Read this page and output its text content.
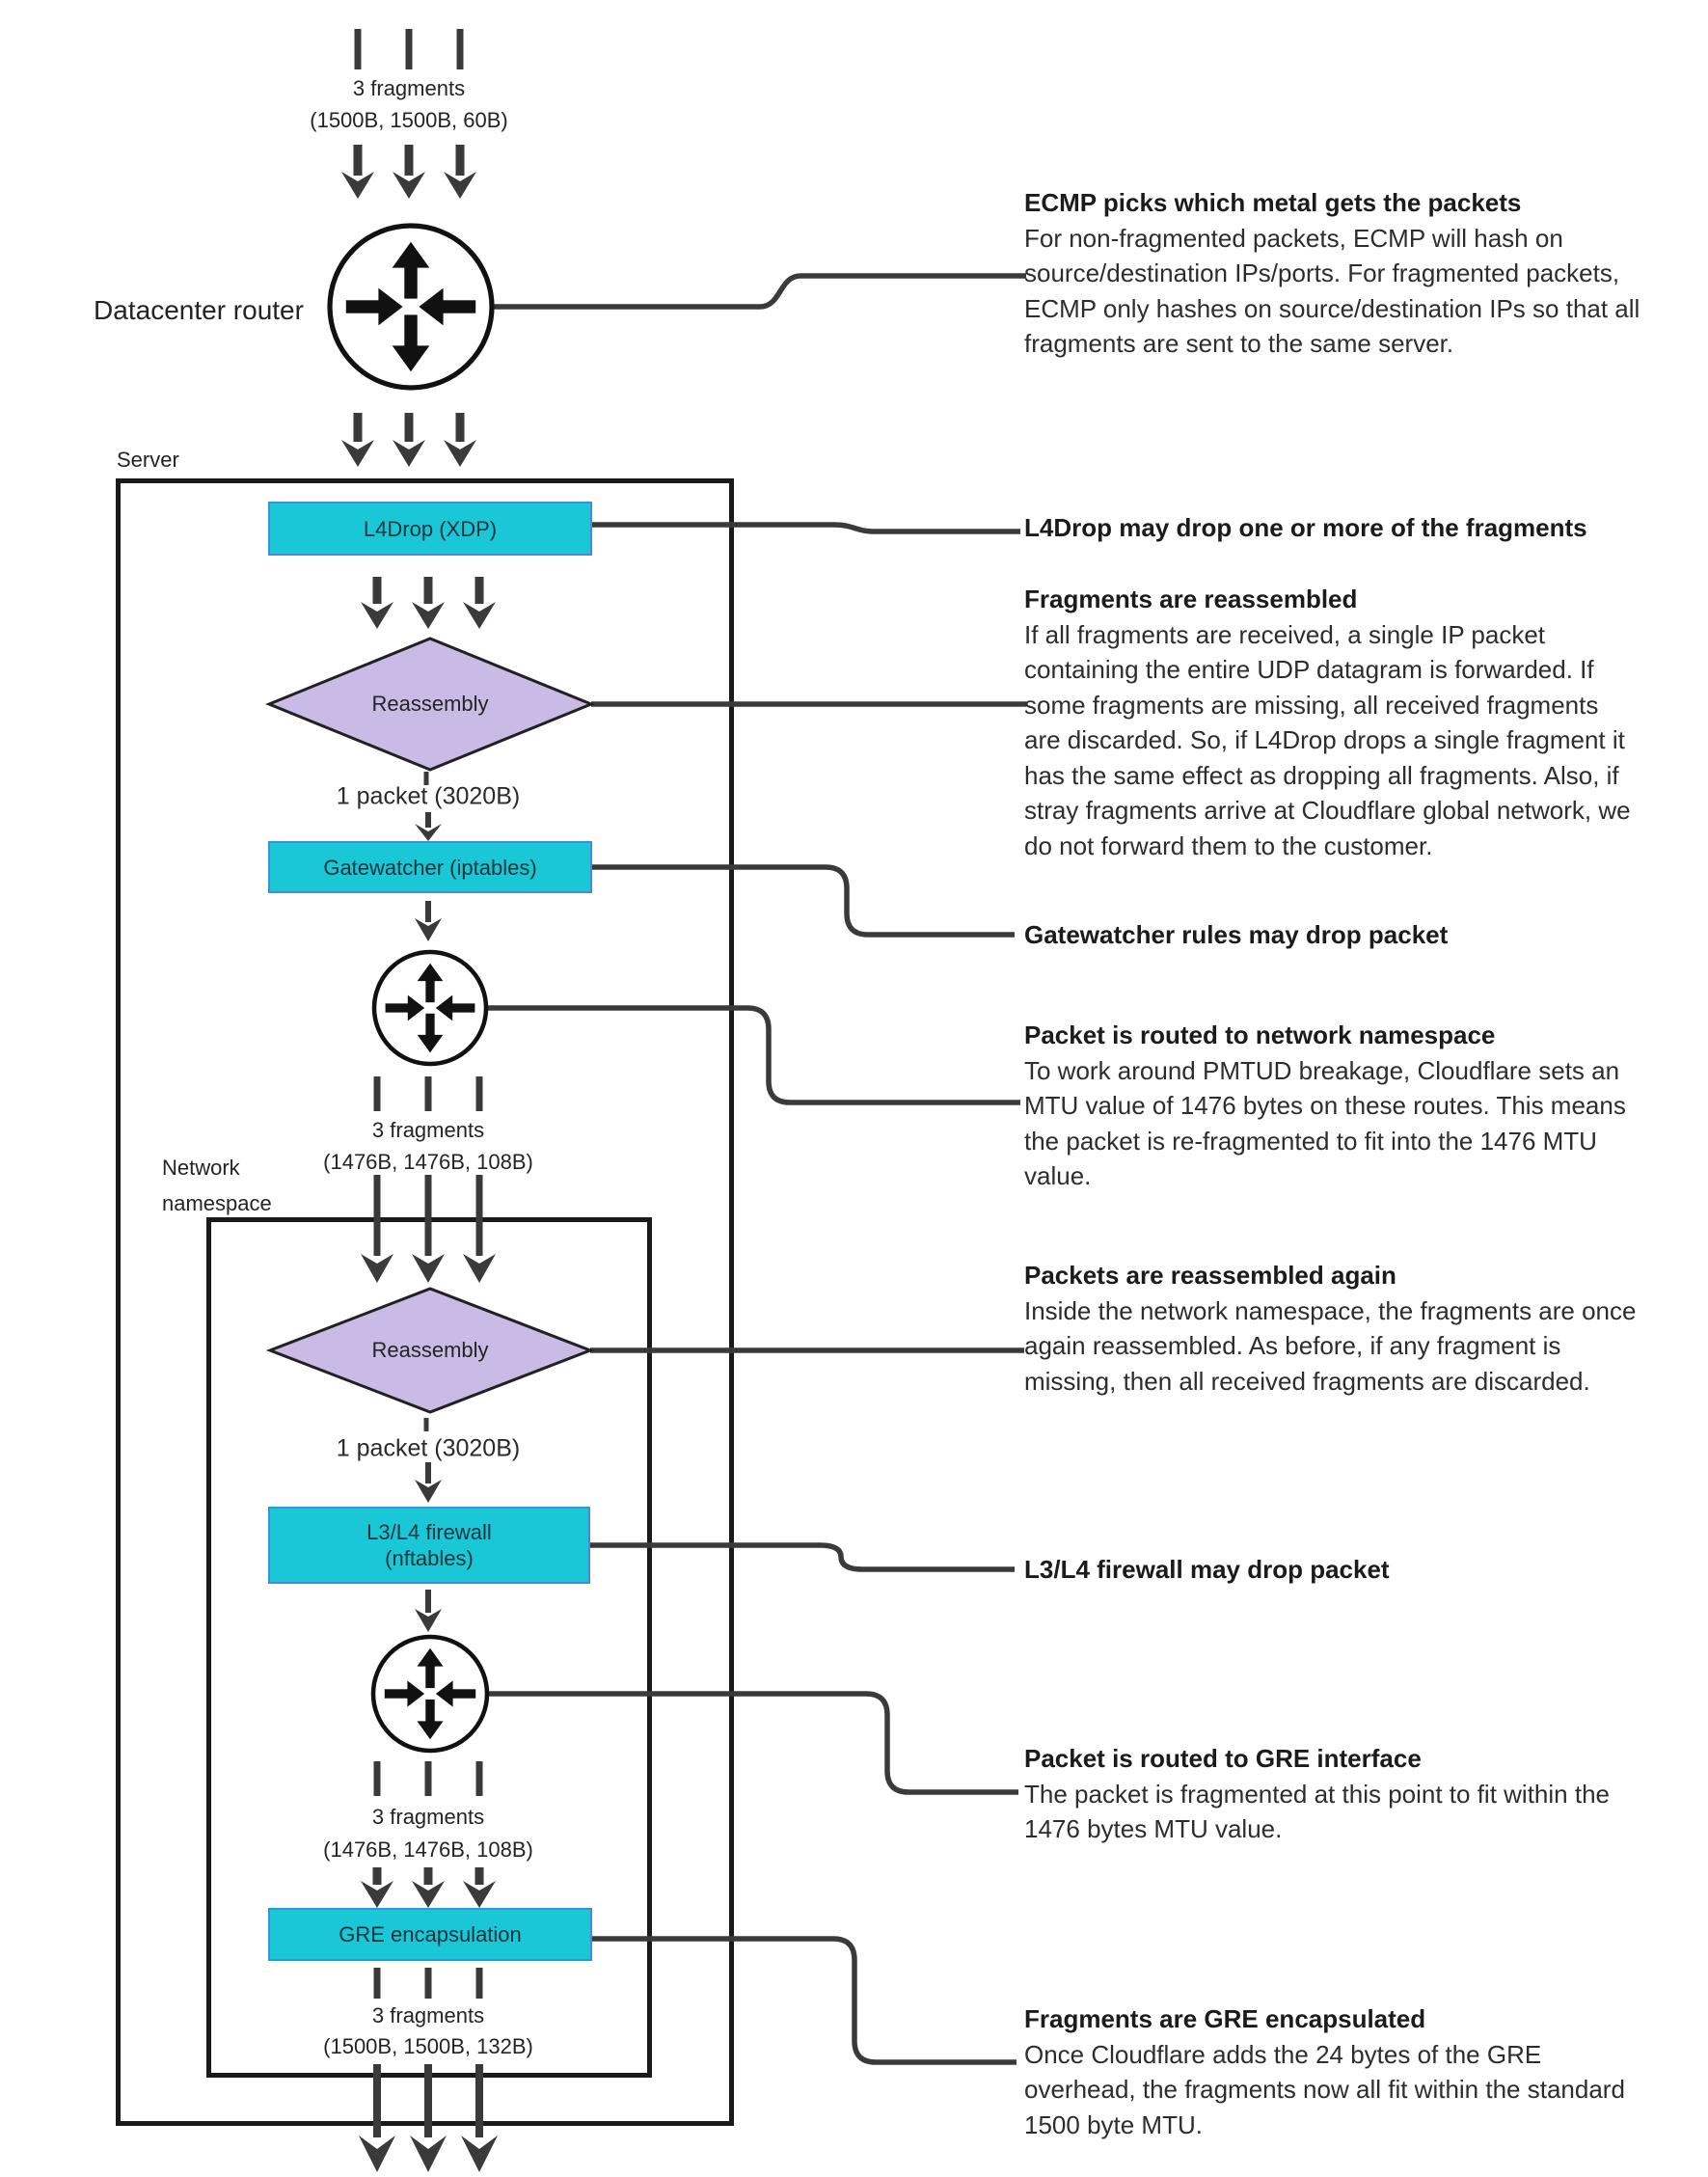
L4Drop (XDP)
Gatewatcher (iptables)
L3/L4 firewall
(nftables)
GRE encapsulation
3 fragments
(1500B, 1500B, 60B)
Datacenter router
Server
Reassembly
1 packet (3020B)
3 fragments
(1476B, 1476B, 108B)
Network namespace
Reassembly
1 packet (3020B)
3 fragments
(1476B, 1476B, 108B)
3 fragments
(1500B, 1500B, 132B)
ECMP picks which metal gets the packets
For non-fragmented packets, ECMP will hash on
source/destination IPs/ports. For fragmented packets,
ECMP only hashes on source/destination IPs so that all
fragments are sent to the same server.
L4Drop may drop one or more of the fragments
Fragments are reassembled
If all fragments are received, a single IP packet
containing the entire UDP datagram is forwarded. If
some fragments are missing, all received fragments
are discarded. So, if L4Drop drops a single fragment it
has the same effect as dropping all fragments. Also, if
stray fragments arrive at Cloudflare global network, we
do not forward them to the customer.
Gatewatcher rules may drop packet
Packet is routed to network namespace
To work around PMTUD breakage, Cloudflare sets an
MTU value of 1476 bytes on these routes. This means
the packet is re-fragmented to fit into the 1476 MTU
value.
Packets are reassembled again
Inside the network namespace, the fragments are once
again reassembled. As before, if any fragment is
missing, then all received fragments are discarded.
L3/L4 firewall may drop packet
Packet is routed to GRE interface
The packet is fragmented at this point to fit within the
1476 bytes MTU value.
Fragments are GRE encapsulated
Once Cloudflare adds the 24 bytes of the GRE
overhead, the fragments now all fit within the standard
1500 byte MTU.
